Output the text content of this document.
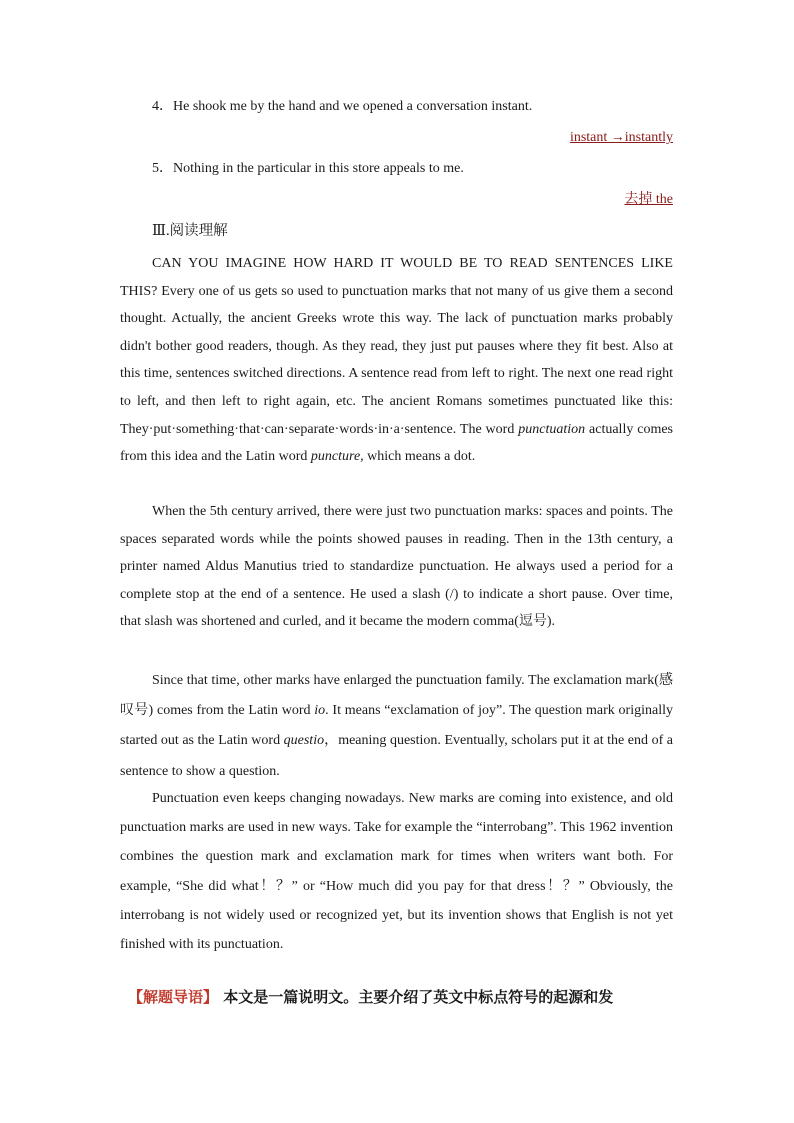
4．He shook me by the hand and we opened a conversation instant.
instant →instantly
5．Nothing in the particular in this store appeals to me.
去掉 the
Ⅲ.阅读理解
CAN YOU IMAGINE HOW HARD IT WOULD BE TO READ SENTENCES LIKE THIS? Every one of us gets so used to punctuation marks that not many of us give them a second thought. Actually, the ancient Greeks wrote this way. The lack of punctuation marks probably didn't bother good readers, though. As they read, they just put pauses where they fit best. Also at this time, sentences switched directions. A sentence read from left to right. The next one read right to left, and then left to right again, etc. The ancient Romans sometimes punctuated like this: They·put·something·that·can·separate·words·in·a·sentence. The word punctuation actually comes from this idea and the Latin word puncture, which means a dot.
When the 5th century arrived, there were just two punctuation marks: spaces and points. The spaces separated words while the points showed pauses in reading. Then in the 13th century, a printer named Aldus Manutius tried to standardize punctuation. He always used a period for a complete stop at the end of a sentence. He used a slash (/) to indicate a short pause. Over time, that slash was shortened and curled, and it became the modern comma(逗号).
Since that time, other marks have enlarged the punctuation family. The exclamation mark(感叹号) comes from the Latin word io. It means “exclamation of joy”. The question mark originally started out as the Latin word questio，meaning question. Eventually, scholars put it at the end of a sentence to show a question.
Punctuation even keeps changing nowadays. New marks are coming into existence, and old punctuation marks are used in new ways. Take for example the “interrobang”. This 1962 invention combines the question mark and exclamation mark for times when writers want both. For example, “She did what！？” or “How much did you pay for that dress！？” Obviously, the interrobang is not widely used or recognized yet, but its invention shows that English is not yet finished with its punctuation.
【解题导语】 本文是一篇说明文。主要介绍了英文中标点符号的起源和发
